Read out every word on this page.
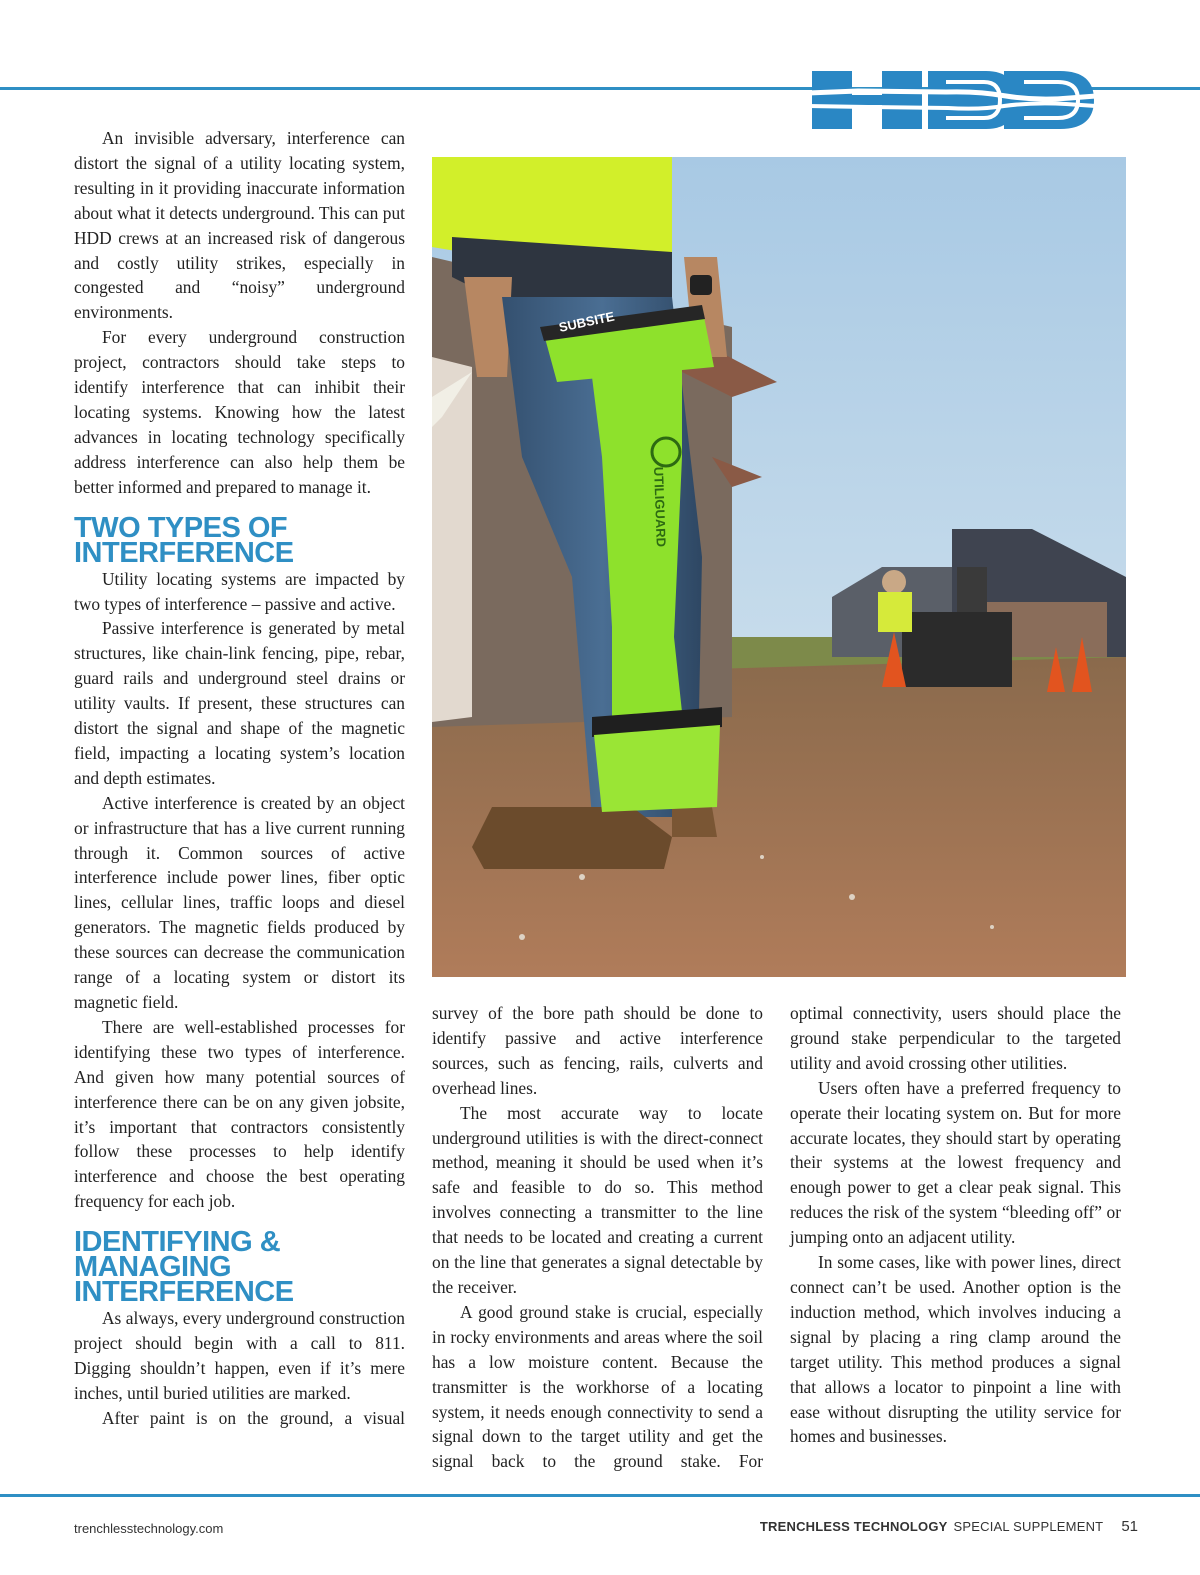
An invisible adversary, interference can distort the signal of a utility locating system, resulting in it providing inaccurate information about what it detects underground. This can put HDD crews at an increased risk of dangerous and costly utility strikes, especially in congested and “noisy” underground environments.

For every underground construction project, contractors should take steps to identify interference that can inhibit their locating systems. Knowing how the latest advances in locating technology specifically address interference can also help them be better informed and prepared to manage it.

TWO TYPES OF INTERFERENCE

Utility locating systems are impacted by two types of interference – passive and active.

Passive interference is generated by metal structures, like chain-link fencing, pipe, rebar, guard rails and underground steel drains or utility vaults. If present, these structures can distort the signal and shape of the magnetic field, impacting a locating system’s location and depth estimates.

Active interference is created by an object or infrastructure that has a live current running through it. Common sources of active interference include power lines, fiber optic lines, cellular lines, traffic loops and diesel generators. The magnetic fields produced by these sources can decrease the communication range of a locating system or distort its magnetic field.

There are well-established processes for identifying these two types of interference. And given how many potential sources of interference there can be on any given jobsite, it’s important that contractors consistently follow these processes to help identify interference and choose the best operating frequency for each job.

IDENTIFYING & MANAGING INTERFERENCE

As always, every underground construction project should begin with a call to 811. Digging shouldn’t happen, even if it’s mere inches, until buried utilities are marked.

After paint is on the ground, a visual

SUBSITE
UTILIGUARD

survey of the bore path should be done to identify passive and active interference sources, such as fencing, rails, culverts and overhead lines.

The most accurate way to locate underground utilities is with the direct-connect method, meaning it should be used when it’s safe and feasible to do so. This method involves connecting a transmitter to the line that needs to be located and creating a current on the line that generates a signal detectable by the receiver.

A good ground stake is crucial, especially in rocky environments and areas where the soil has a low moisture content. Because the transmitter is the workhorse of a locating system, it needs enough connectivity to send a signal down to the target utility and get the signal back to the ground stake. For

optimal connectivity, users should place the ground stake perpendicular to the targeted utility and avoid crossing other utilities.

Users often have a preferred frequency to operate their locating system on. But for more accurate locates, they should start by operating their systems at the lowest frequency and enough power to get a clear peak signal. This reduces the risk of the system “bleeding off” or jumping onto an adjacent utility.

In some cases, like with power lines, direct connect can’t be used. Another option is the induction method, which involves inducing a signal by placing a ring clamp around the target utility. This method produces a signal that allows a locator to pinpoint a line with ease without disrupting the utility service for homes and businesses.

trenchlesstechnology.com	TRENCHLESS TECHNOLOGY SPECIAL SUPPLEMENT 51
